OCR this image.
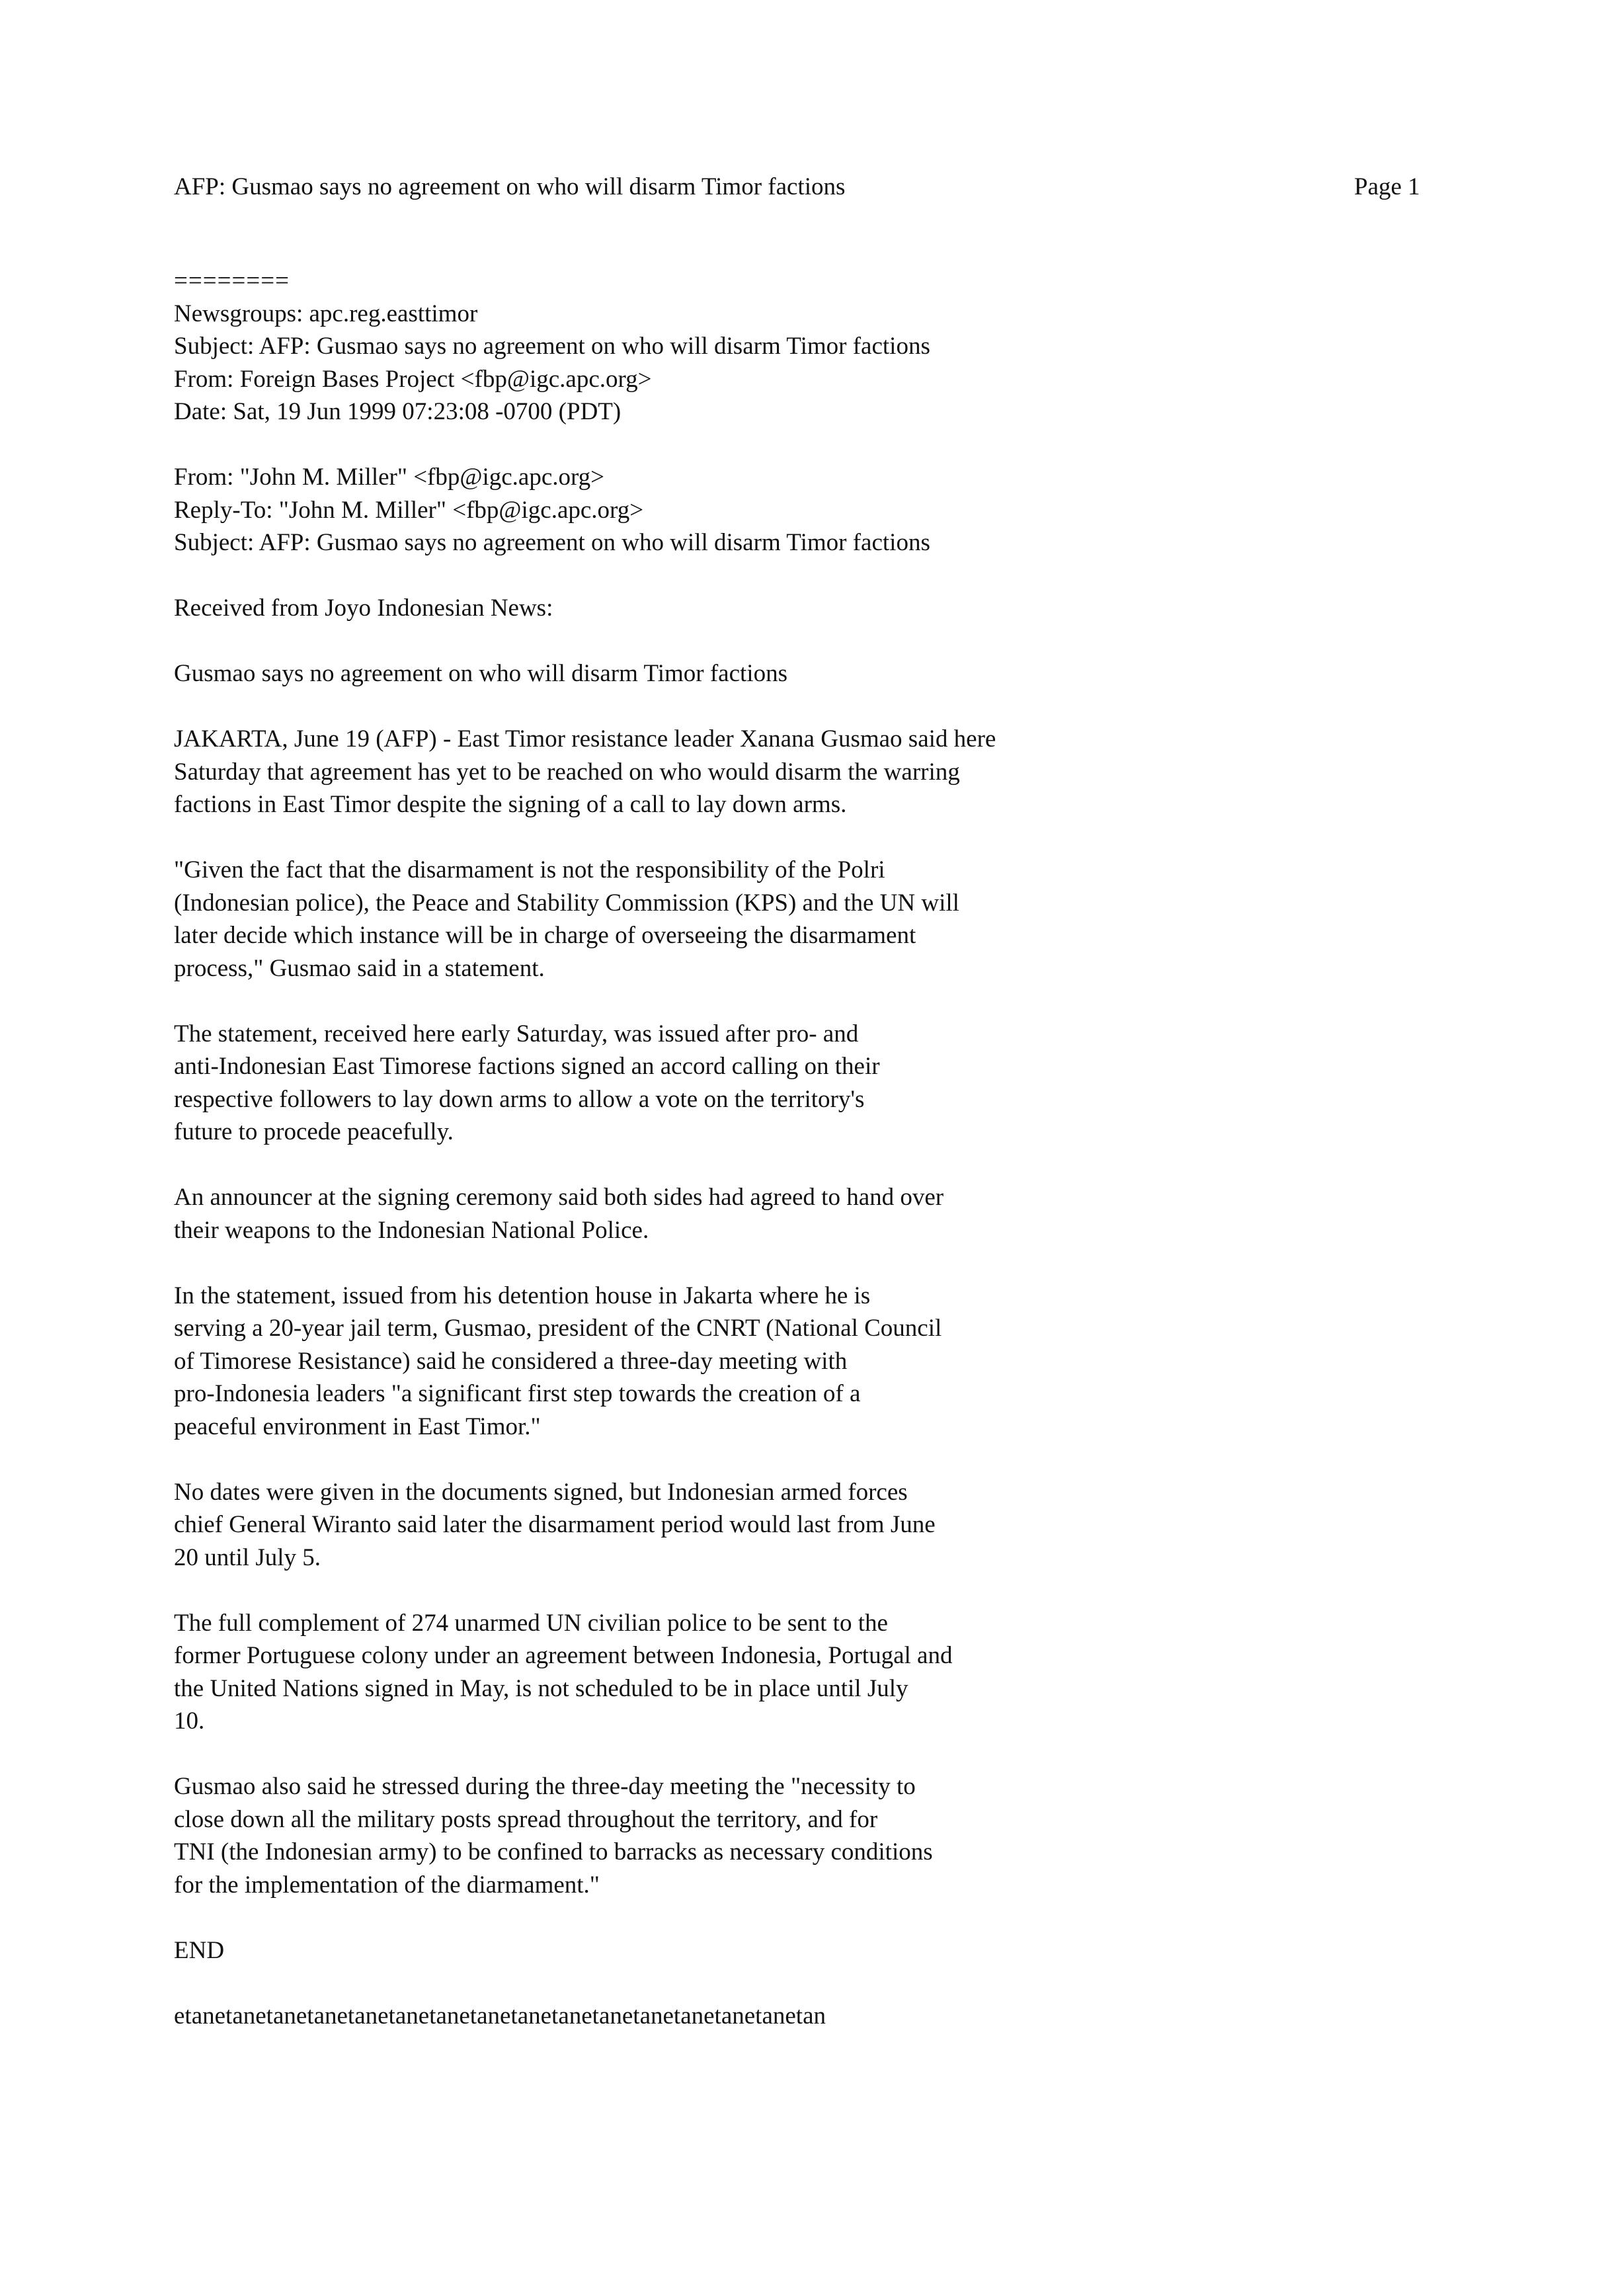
AFP: Gusmao says no agreement on who will disarm Timor factions	Page 1
========
Newsgroups: apc.reg.easttimor
Subject: AFP: Gusmao says no agreement on who will disarm Timor factions
From: Foreign Bases Project <fbp@igc.apc.org>
Date: Sat, 19 Jun 1999 07:23:08 -0700 (PDT)
From: "John M. Miller" <fbp@igc.apc.org>
Reply-To: "John M. Miller" <fbp@igc.apc.org>
Subject: AFP: Gusmao says no agreement on who will disarm Timor factions
Received from Joyo Indonesian News:
Gusmao says no agreement on who will disarm Timor factions
JAKARTA, June 19 (AFP) - East Timor resistance leader Xanana Gusmao said here
Saturday that agreement has yet to be reached on who would disarm the warring
factions in East Timor despite the signing of a call to lay down arms.
"Given the fact that the disarmament is not the responsibility of the Polri
(Indonesian police), the Peace and Stability Commission (KPS) and the UN will
later decide which instance will be in charge of overseeing the disarmament
process," Gusmao said in a statement.
The statement, received here early Saturday, was issued after pro- and
anti-Indonesian East Timorese factions signed an accord calling on their
respective followers to lay down arms to allow a vote on the territory's
future to procede peacefully.
An announcer at the signing ceremony said both sides had agreed to hand over
their weapons to the Indonesian National Police.
In the statement, issued from his detention house in Jakarta where he is
serving a 20-year jail term, Gusmao, president of the CNRT (National Council
of Timorese Resistance) said he considered a three-day meeting with
pro-Indonesia leaders "a significant first step towards the creation of a
peaceful environment in East Timor."
No dates were given in the documents signed, but Indonesian armed forces
chief General Wiranto said later the disarmament period would last from June
20 until July 5.
The full complement of 274 unarmed UN civilian police to be sent to the
former Portuguese colony under an agreement between Indonesia, Portugal and
the United Nations signed in May, is not scheduled to be in place until July
10.
Gusmao also said he stressed during the three-day meeting the "necessity to
close down all the military posts spread throughout the territory, and for
TNI (the Indonesian army) to be confined to barracks as necessary conditions
for the implementation of the diarmament."
END
etanetanetanetanetanetanetanetanetanetanetanetanetanetanetanetan
